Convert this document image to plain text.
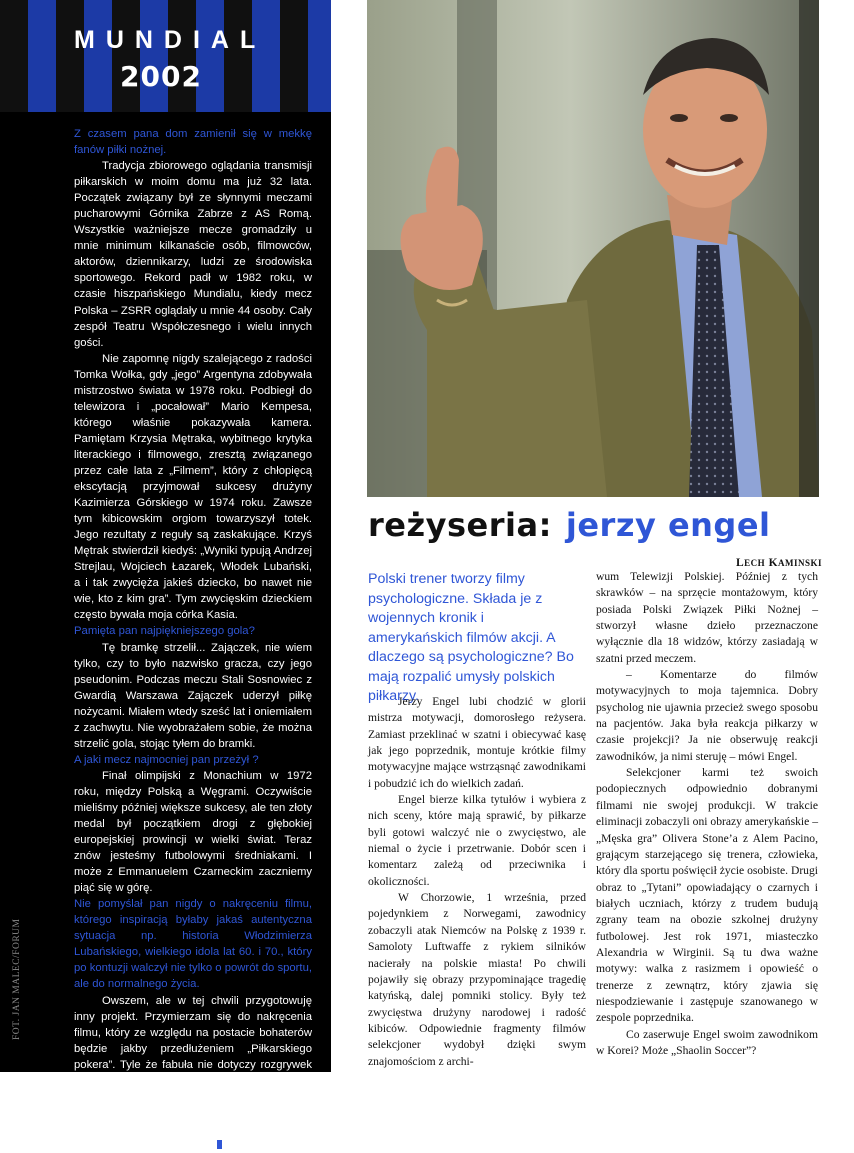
MUNDIAL
2002

Z czasem pana dom zamienił się w mekkę fanów piłki nożnej.

Tradycja zbiorowego oglądania transmisji piłkarskich w moim domu ma już 32 lata. Początek związany był ze słynnymi meczami pucharowymi Górnika Zabrze z AS Romą. Wszystkie ważniejsze mecze gromadziły u mnie minimum kilkanaście osób, filmowców, aktorów, dziennikarzy, ludzi ze środowiska sportowego. Rekord padł w 1982 roku, w czasie hiszpańskiego Mundialu, kiedy mecz Polska – ZSRR oglądały u mnie 44 osoby. Cały zespół Teatru Współczesnego i wielu innych gości.

Nie zapomnę nigdy szalejącego z radości Tomka Wołka, gdy „jego” Argentyna zdobywała mistrzostwo świata w 1978 roku. Podbiegł do telewizora i „pocałował” Mario Kempesa, którego właśnie pokazywała kamera. Pamiętam Krzysia Mętraka, wybitnego krytyka literackiego i filmowego, zresztą związanego przez całe lata z „Filmem”, który z chłopięcą ekscytacją przyjmował sukcesy drużyny Kazimierza Górskiego w 1974 roku. Zawsze tym kibicowskim orgiom towarzyszył totek. Jego rezultaty z reguły są zaskakujące. Krzyś Mętrak stwierdził kiedyś: „Wyniki typują Andrzej Strejlau, Wojciech Łazarek, Włodek Lubański, a i tak zwycięża jakieś dziecko, bo nawet nie wie, kto z kim gra”. Tym zwycięskim dzieckiem często bywała moja córka Kasia.

Pamięta pan najpiękniejszego gola?

Tę bramkę strzelił... Zajączek, nie wiem tylko, czy to było nazwisko gracza, czy jego pseudonim. Podczas meczu Stali Sosnowiec z Gwardią Warszawa Zajączek uderzył piłkę nożycami. Miałem wtedy sześć lat i oniemiałem z zachwytu. Nie wyobrażałem sobie, że można strzelić gola, stojąc tyłem do bramki.

A jaki mecz najmocniej pan przeżył ?

Finał olimpijski z Monachium w 1972 roku, między Polską a Węgrami. Oczywiście mieliśmy później większe sukcesy, ale ten złoty medal był początkiem drogi z głębokiej europejskiej prowincji w wielki świat. Teraz znów jesteśmy futbolowymi średniakami. I może z Emmanuelem Czarneckim zaczniemy piąć się w górę.

Nie pomyślał pan nigdy o nakręceniu filmu, którego inspiracją byłaby jakaś autentyczna sytuacja np. historia Włodzimierza Lubańskiego, wielkiego idola lat 60. i 70., który po kontuzji walczył nie tylko o powrót do sportu, ale do normalnego życia.

Owszem, ale w tej chwili przygotowuję inny projekt. Przymierzam się do nakręcenia filmu, który ze względu na postacie bohaterów będzie jakby przedłużeniem „Piłkarskiego pokera”. Tyle że fabuła nie dotyczy rozgrywek ligowych, ale drużyny narodowej i związanych z nią zakulisowych manipulacji. Właśnie „kolęduję” z kapeluszem, szukając środków. I wiem, że inny, mniej komercyjny, projekt nie miałby dziś żadnych szans.

FOT. JAN MALEC/FORUM
reżyseria: jerzy engel
LECH KAMINSKI
Polski trener tworzy filmy psychologiczne. Składa je z wojennych kronik i amerykańskich filmów akcji. A dlaczego są psychologiczne? Bo mają rozpalić umysły polskich piłkarzy.

Jerzy Engel lubi chodzić w glorii mistrza motywacji, domorosłego reżysera. Zamiast przeklinać w szatni i obiecywać kasę jak jego poprzednik, montuje krótkie filmy motywacyjne mające wstrząsnąć zawodnikami i pobudzić ich do wielkich zadań.

Engel bierze kilka tytułów i wybiera z nich sceny, które mają sprawić, by piłkarze byli gotowi walczyć nie o zwycięstwo, ale niemal o życie i przetrwanie. Dobór scen i komentarz zależą od przeciwnika i okoliczności.

W Chorzowie, 1 września, przed pojedynkiem z Norwegami, zawodnicy zobaczyli atak Niemców na Polskę z 1939 r. Samoloty Luftwaffe z rykiem silników nacierały na polskie miasta! Po chwili pojawiły się obrazy przypominające tragedię katyńską, dalej pomniki stolicy. Były też zwycięstwa drużyny narodowej i radość kibiców. Odpowiednie fragmenty filmów selekcjoner wydobył dzięki swym znajomościom z archi-

wum Telewizji Polskiej. Później z tych skrawków – na sprzęcie montażowym, który posiada Polski Związek Piłki Nożnej – stworzył własne dzieło przeznaczone wyłącznie dla 18 widzów, którzy zasiadają w szatni przed meczem.

– Komentarze do filmów motywacyjnych to moja tajemnica. Dobry psycholog nie ujawnia przecież swego sposobu na pacjentów. Jaka była reakcja piłkarzy w czasie projekcji? Ja nie obserwuję reakcji zawodników, ja nimi steruję – mówi Engel.

Selekcjoner karmi też swoich podopiecznych odpowiednio dobranymi filmami nie swojej produkcji. W trakcie eliminacji zobaczyli oni obrazy amerykańskie – „Męska gra” Olivera Stone’a z Alem Pacino, grającym starzejącego się trenera, człowieka, który dla sportu poświęcił życie osobiste. Drugi obraz to „Tytani” opowiadający o czarnych i białych uczniach, którzy z trudem budują zgrany team na obozie szkolnej drużyny futbolowej. Jest rok 1971, miasteczko Alexandria w Wirginii. Są tu dwa ważne motywy: walka z rasizmem i opowieść o trenerze z zewnątrz, który zjawia się niespodziewanie i zastępuje szanowanego w zespole poprzednika.

Co zaserwuje Engel swoim zawodnikom w Korei? Może „Shaolin Soccer”?
